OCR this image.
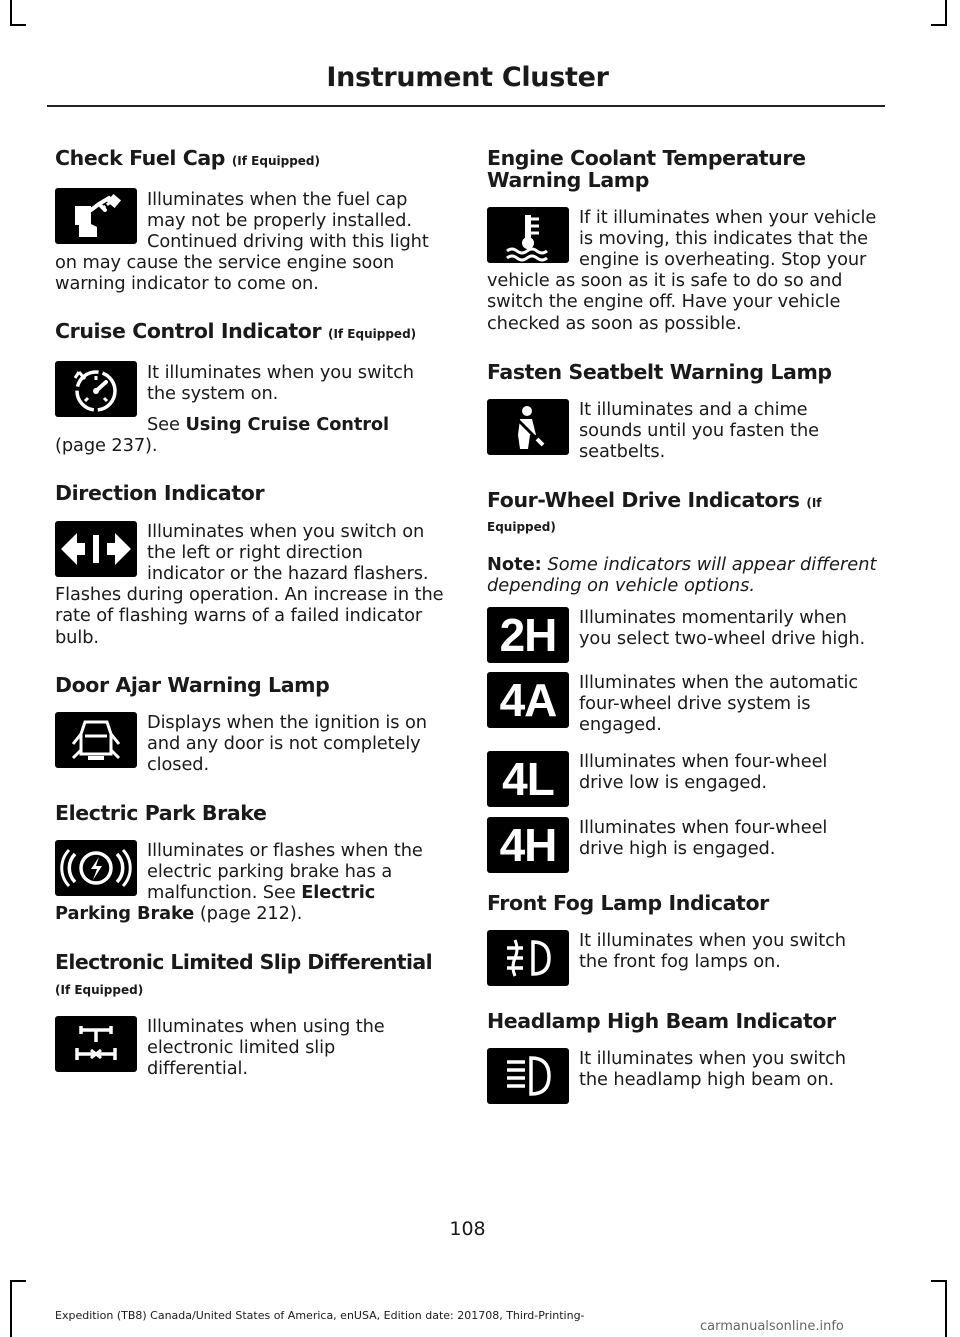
Instrument Cluster
Check Fuel Cap (If Equipped)
Illuminates when the fuel cap
may not be properly installed.
Continued driving with this light
on may cause the service engine soon warning indicator to come on.
Cruise Control Indicator (If Equipped)
It illuminates when you switch
the system on.
See Using Cruise Control
(page 237).
Direction Indicator
Illuminates when you switch on
the left or right direction
indicator or the hazard flashers.
Flashes during operation. An increase in the rate of flashing warns of a failed indicator bulb.
Door Ajar Warning Lamp
Displays when the ignition is on
and any door is not completely
closed.
Electric Park Brake
Illuminates or flashes when the
electric parking brake has a
malfunction. See Electric
Parking Brake (page 212).
Electronic Limited Slip Differential
(If Equipped)
Illuminates when using the
electronic limited slip
differential.
Engine Coolant Temperature
Warning Lamp
If it illuminates when your vehicle
is moving, this indicates that the
engine is overheating. Stop your
vehicle as soon as it is safe to do so and switch the engine off. Have your vehicle checked as soon as possible.
Fasten Seatbelt Warning Lamp
It illuminates and a chime
sounds until you fasten the
seatbelts.
Four-Wheel Drive Indicators (If
Equipped)
Note: Some indicators will appear different
depending on vehicle options.
2H	Illuminates momentarily when
you select two-wheel drive high.
4A	Illuminates when the automatic
four-wheel drive system is
engaged.
4L	Illuminates when four-wheel
drive low is engaged.
4H	Illuminates when four-wheel
drive high is engaged.
Front Fog Lamp Indicator
It illuminates when you switch
the front fog lamps on.
Headlamp High Beam Indicator
It illuminates when you switch
the headlamp high beam on.
108
Expedition (TB8) Canada/United States of America, enUSA, Edition date: 201708, Third-Printing-
carmanualsonline.info
